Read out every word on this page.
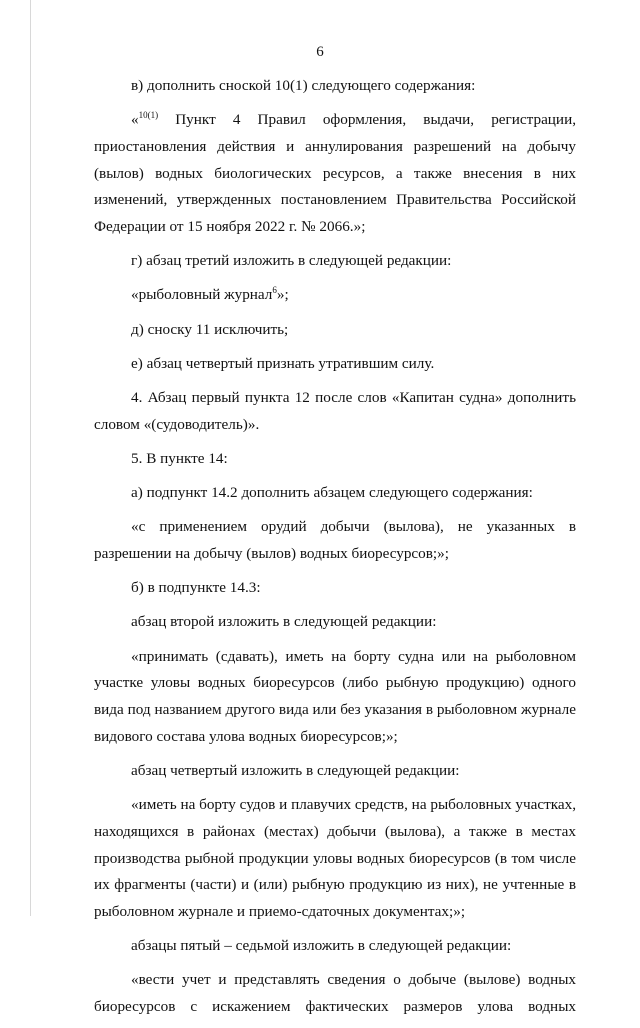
6

в) дополнить сноской 10(1) следующего содержания:

«$^{10(1)}$ Пункт 4 Правил оформления, выдачи, регистрации, приостановления действия и аннулирования разрешений на добычу (вылов) водных биологических ресурсов, а также внесения в них изменений, утвержденных постановлением Правительства Российской Федерации от 15 ноября 2022 г. № 2066.»;

г) абзац третий изложить в следующей редакции:

«рыболовный журнал$^6$»;

д) сноску 11 исключить;

е) абзац четвертый признать утратившим силу.

4. Абзац первый пункта 12 после слов «Капитан судна» дополнить словом «(судоводитель)».

5. В пункте 14:

а) подпункт 14.2 дополнить абзацем следующего содержания:

«с применением орудий добычи (вылова), не указанных в разрешении на добычу (вылов) водных биоресурсов;»;

б) в подпункте 14.3:

абзац второй изложить в следующей редакции:

«принимать (сдавать), иметь на борту судна или на рыболовном участке уловы водных биоресурсов (либо рыбную продукцию) одного вида под названием другого вида или без указания в рыболовном журнале видового состава улова водных биоресурсов;»;

абзац четвертый изложить в следующей редакции:

«иметь на борту судов и плавучих средств, на рыболовных участках, находящихся в районах (местах) добычи (вылова), а также в местах производства рыбной продукции уловы водных биоресурсов (в том числе их фрагменты (части) и (или) рыбную продукцию из них), не учтенные в рыболовном журнале и приемо-сдаточных документах;»;

абзацы пятый – седьмой изложить в следующей редакции:

«вести учет и представлять сведения о добыче (вылове) водных биоресурсов с искажением фактических размеров улова водных
